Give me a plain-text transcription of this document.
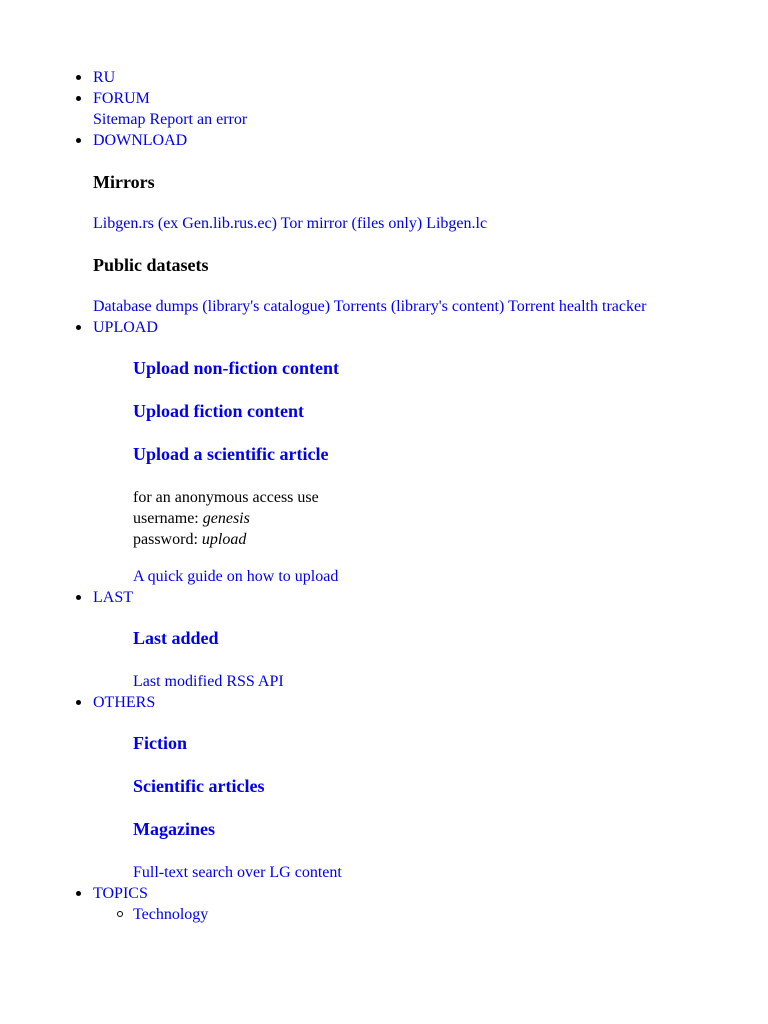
RU
FORUM
Sitemap Report an error
DOWNLOAD
Mirrors
Libgen.rs (ex Gen.lib.rus.ec) Tor mirror (files only) Libgen.lc
Public datasets
Database dumps (library's catalogue) Torrents (library's content) Torrent health tracker
UPLOAD
Upload non-fiction content
Upload fiction content
Upload a scientific article
for an anonymous access use
username: genesis
password: upload
A quick guide on how to upload
LAST
Last added
Last modified RSS API
OTHERS
Fiction
Scientific articles
Magazines
Full-text search over LG content
TOPICS
Technology
